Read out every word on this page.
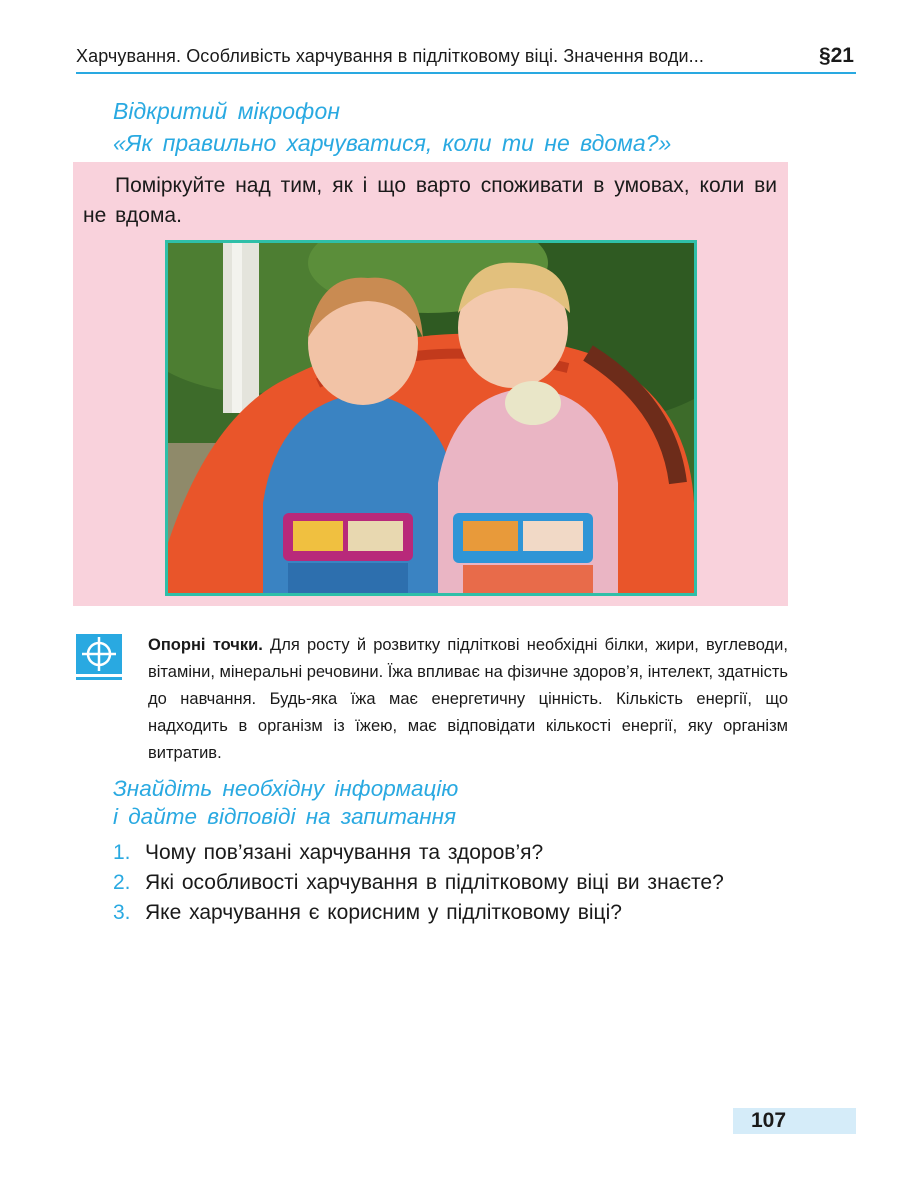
Харчування. Особливість харчування в підлітковому віці. Значення води...	§21
Відкритий мікрофон
«Як правильно харчуватися, коли ти не вдома?»

Поміркуйте над тим, як і що варто споживати в умовах, коли ви не вдома.

Опорні точки. Для росту й розвитку підліткові необхідні білки, жири, вуглеводи, вітаміни, мінеральні речовини. Їжа впливає на фізичне здоров’я, інтелект, здатність до навчання. Будь-яка їжа має енергетичну цінність. Кількість енергії, що надходить в організм із їжею, має відповідати кількості енергії, яку організм витратив.

Знайдіть необхідну інформацію
і дайте відповіді на запитання
1. Чому пов’язані харчування та здоров’я?
2. Які особливості харчування в підлітковому віці ви знаєте?
3. Яке харчування є корисним у підлітковому віці?
107
